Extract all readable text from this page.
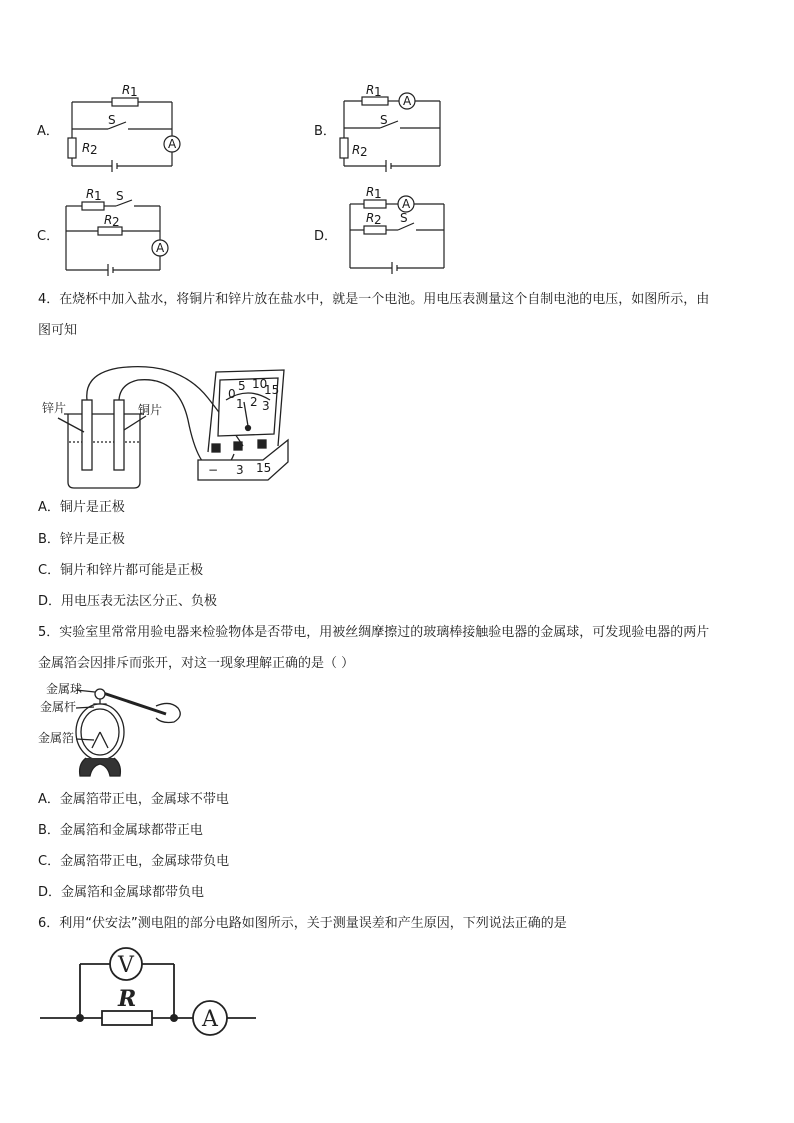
A．
R 1
S
R 2	A
B．
R 1
A
S
R 2
C．
R 1 S
R 2
A
D．
R 1
A
R 2 S
4．在烧杯中加入盐水，将铜片和锌片放在盐水中，就是一个电池。用电压表测量这个自制电池的电压，如图所示，由
图可知
锌片	铜片
− 3 15
0
5 10
15
1 2 3
A．铜片是正极
B．锌片是正极
C．铜片和锌片都可能是正极
D．用电压表无法区分正、负极
5．实验室里常常用验电器来检验物体是否带电，用被丝绸摩擦过的玻璃棒接触验电器的金属球，可发现验电器的两片
金属箔会因排斥而张开，对这一现象理解正确的是（ ）
金属球
金属杆
金属箔
A．金属箔带正电，金属球不带电
B．金属箔和金属球都带正电
C．金属箔带正电，金属球带负电
D．金属箔和金属球都带负电
6．利用“伏安法”测电阻的部分电路如图所示，关于测量误差和产生原因，下列说法正确的是
V
R
A
